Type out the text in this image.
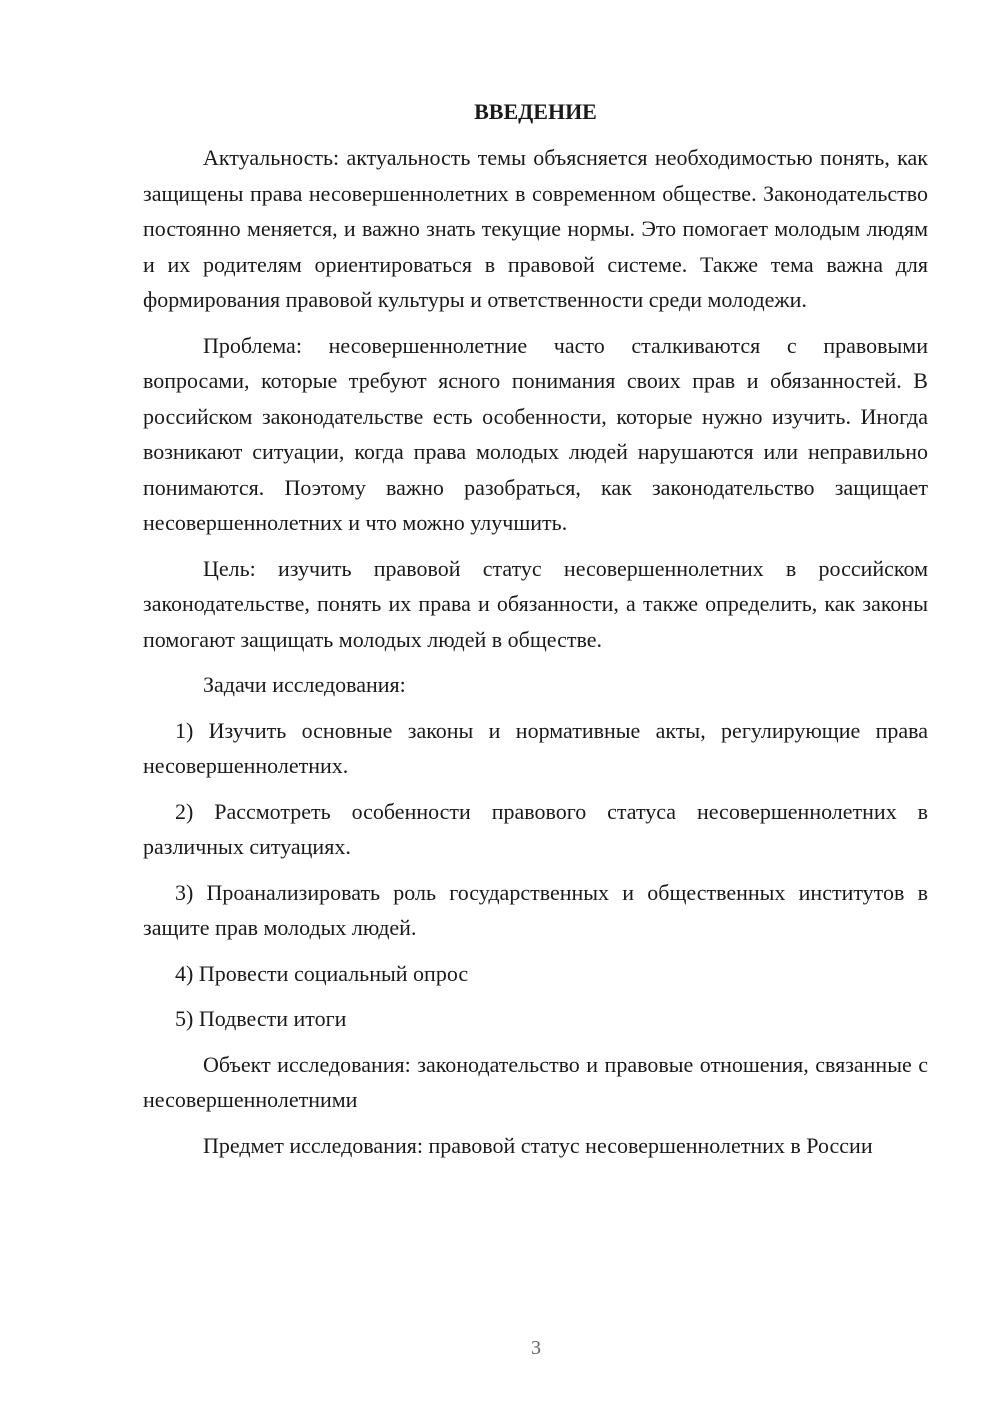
ВВЕДЕНИЕ
Актуальность: актуальность темы объясняется необходимостью понять, как защищены права несовершеннолетних в современном обществе. Законодательство постоянно меняется, и важно знать текущие нормы. Это помогает молодым людям и их родителям ориентироваться в правовой системе. Также тема важна для формирования правовой культуры и ответственности среди молодежи.
Проблема: несовершеннолетние часто сталкиваются с правовыми вопросами, которые требуют ясного понимания своих прав и обязанностей. В российском законодательстве есть особенности, которые нужно изучить. Иногда возникают ситуации, когда права молодых людей нарушаются или неправильно понимаются. Поэтому важно разобраться, как законодательство защищает несовершеннолетних и что можно улучшить.
Цель: изучить правовой статус несовершеннолетних в российском законодательстве, понять их права и обязанности, а также определить, как законы помогают защищать молодых людей в обществе.
Задачи исследования:
1) Изучить основные законы и нормативные акты, регулирующие права несовершеннолетних.
2) Рассмотреть особенности правового статуса несовершеннолетних в различных ситуациях.
3) Проанализировать роль государственных и общественных институтов в защите прав молодых людей.
4) Провести социальный опрос
5) Подвести итоги
Объект исследования: законодательство и правовые отношения, связанные с несовершеннолетними
Предмет исследования: правовой статус несовершеннолетних в России
3
